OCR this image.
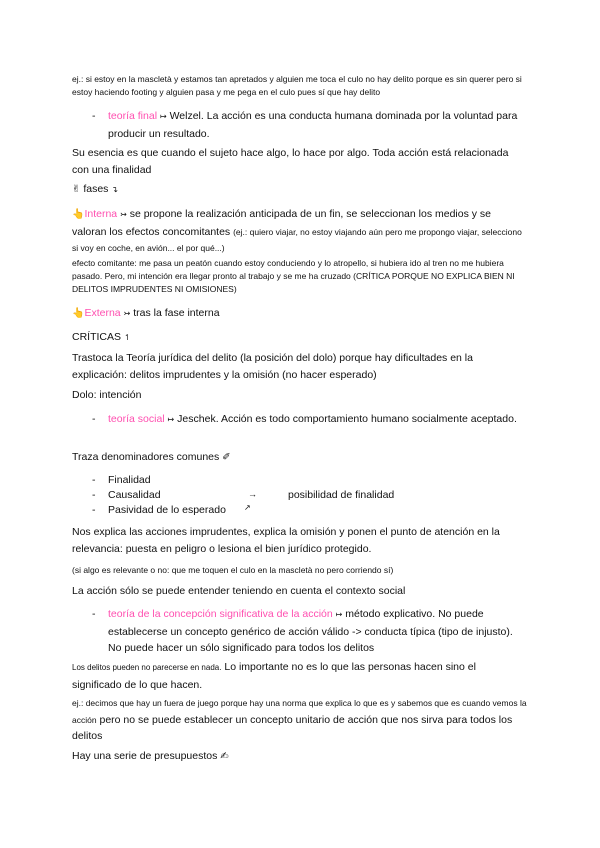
ej.: si estoy en la mascletà y estamos tan apretados y alguien me toca el culo no hay delito porque es sin querer pero si estoy haciendo footing y alguien pasa y me pega en el culo pues sí que hay delito

- teoría final ↦ Welzel. La acción es una conducta humana dominada por la voluntad para producir un resultado.

Su esencia es que cuando el sujeto hace algo, lo hace por algo. Toda acción está relacionada con una finalidad

✌ fases ↴

👆Interna ↣ se propone la realización anticipada de un fin, se seleccionan los medios y se valoran los efectos concomitantes (ej.: quiero viajar, no estoy viajando aún pero me propongo viajar, selecciono si voy en coche, en avión... el por qué...)

efecto comitante: me pasa un peatón cuando estoy conduciendo y lo atropello, si hubiera ido al tren no me hubiera pasado. Pero, mi intención era llegar pronto al trabajo y se me ha cruzado (CRÍTICA PORQUE NO EXPLICA BIEN NI DELITOS IMPRUDENTES NI OMISIONES)

👆Externa ↣ tras la fase interna

CRÍTICAS ↿

Trastoca la Teoría jurídica del delito (la posición del dolo) porque hay dificultades en la explicación: delitos imprudentes y la omisión (no hacer esperado)

Dolo: intención

- teoría social ↦ Jeschek. Acción es todo comportamiento humano socialmente aceptado.

Traza denominadores comunes ✐

- Finalidad

- Causalidad	→	posibilidad de finalidad
- Pasividad de lo esperado	↗

Nos explica las acciones imprudentes, explica la omisión y ponen el punto de atención en la relevancia: puesta en peligro o lesiona el bien jurídico protegido.

(si algo es relevante o no: que me toquen el culo en la mascletà no pero corriendo sí)

La acción sólo se puede entender teniendo en cuenta el contexto social

- teoría de la concepción significativa de la acción ↦ método explicativo. No puede establecerse un concepto genérico de acción válido -> conducta típica (tipo de injusto). No puede hacer un sólo significado para todos los delitos

Los delitos pueden no parecerse en nada. Lo importante no es lo que las personas hacen sino el significado de lo que hacen.

ej.: decimos que hay un fuera de juego porque hay una norma que explica lo que es y sabemos que es cuando vemos la acción pero no se puede establecer un concepto unitario de acción que nos sirva para todos los delitos

Hay una serie de presupuestos ✍
